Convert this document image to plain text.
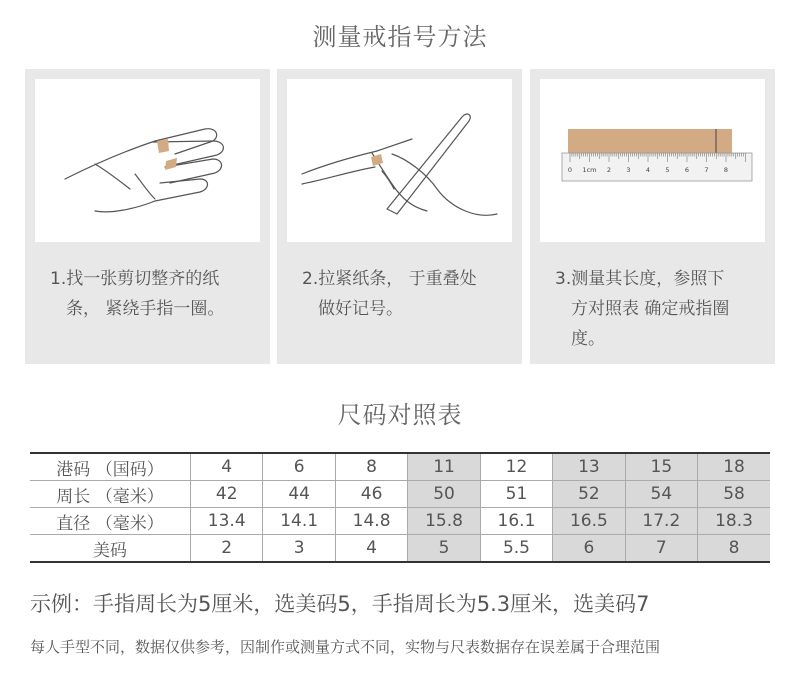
测量戒指号方法
1.找一张剪切整齐的纸
条， 紧绕手指一圈。
2.拉紧纸条， 于重叠处
做好记号。
0 1cm 2 3 4 5 6 7 8
3.测量其长度，参照下
方对照表 确定戒指圈
度。
尺码对照表
港码 （国码）	4	6	8	11	12	13	15	18
周长 （毫米）	42	44	46	50	51	52	54	58
直径 （毫米）	13.4	14.1	14.8	15.8	16.1	16.5	17.2	18.3
美码	2	3	4	5	5.5	6	7	8
示例：手指周长为5厘米，选美码5，手指周长为5.3厘米，选美码7
每人手型不同，数据仅供参考，因制作或测量方式不同，实物与尺表数据存在误差属于合理范围
